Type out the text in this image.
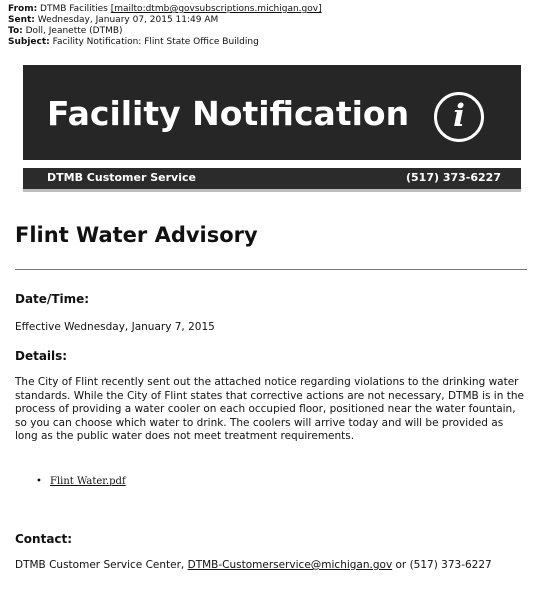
From: DTMB Facilities [mailto:dtmb@govsubscriptions.michigan.gov]
Sent: Wednesday, January 07, 2015 11:49 AM
To: Doll, Jeanette (DTMB)
Subject: Facility Notification: Flint State Office Building
Facility Notification	i
DTMB Customer Service	(517) 373-6227
Flint Water Advisory
Date/Time:
Effective Wednesday, January 7, 2015
Details:
The City of Flint recently sent out the attached notice regarding violations to the drinking water standards. While the City of Flint states that corrective actions are not necessary, DTMB is in the process of providing a water cooler on each occupied floor, positioned near the water fountain, so you can choose which water to drink. The coolers will arrive today and will be provided as long as the public water does not meet treatment requirements.
• Flint Water.pdf
Contact:
DTMB Customer Service Center, DTMB-Customerservice@michigan.gov or (517) 373-6227
